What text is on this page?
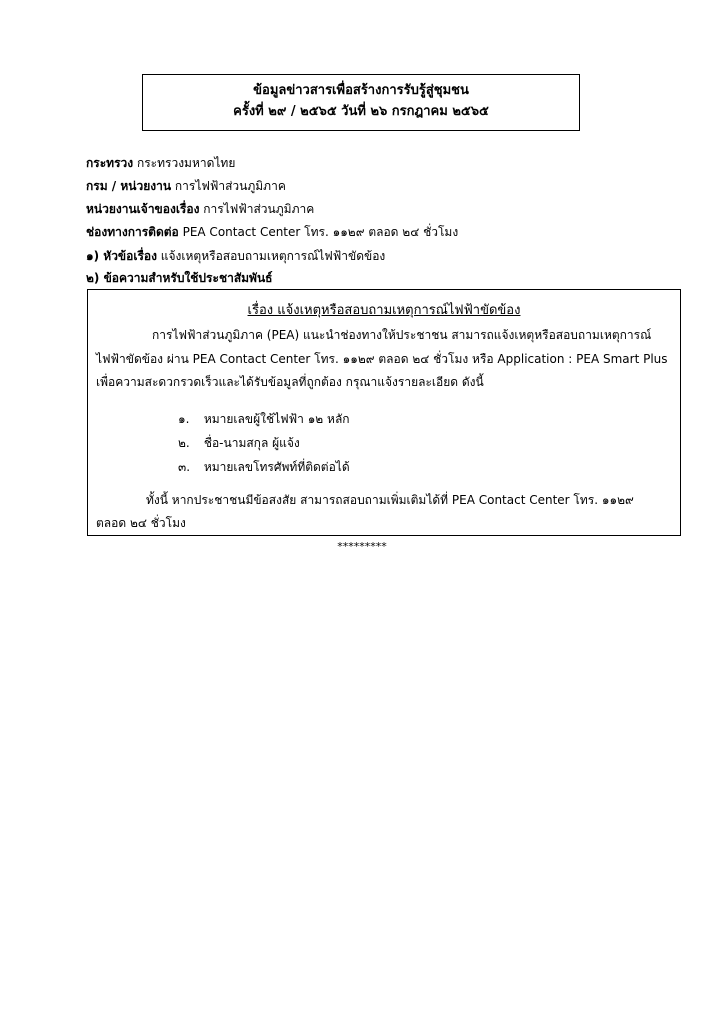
ข้อมูลข่าวสารเพื่อสร้างการรับรู้สู่ชุมชน
ครั้งที่ ๒๙ / ๒๕๖๕ วันที่ ๒๖ กรกฎาคม ๒๕๖๕
กระทรวง กระทรวงมหาดไทย
กรม / หน่วยงาน การไฟฟ้าส่วนภูมิภาค
หน่วยงานเจ้าของเรื่อง การไฟฟ้าส่วนภูมิภาค
ช่องทางการติดต่อ PEA Contact Center โทร. ๑๑๒๙ ตลอด ๒๔ ชั่วโมง
๑) หัวข้อเรื่อง แจ้งเหตุหรือสอบถามเหตุการณ์ไฟฟ้าขัดข้อง
๒) ข้อความสำหรับใช้ประชาสัมพันธ์
เรื่อง แจ้งเหตุหรือสอบถามเหตุการณ์ไฟฟ้าขัดข้อง
การไฟฟ้าส่วนภูมิภาค (PEA) แนะนำช่องทางให้ประชาชน สามารถแจ้งเหตุหรือสอบถามเหตุการณ์
ไฟฟ้าขัดข้อง ผ่าน PEA Contact Center โทร. ๑๑๒๙ ตลอด ๒๔ ชั่วโมง หรือ Application : PEA Smart Plus
เพื่อความสะดวกรวดเร็วและได้รับข้อมูลที่ถูกต้อง กรุณาแจ้งรายละเอียด ดังนี้
๑. หมายเลขผู้ใช้ไฟฟ้า ๑๒ หลัก
๒. ชื่อ-นามสกุล ผู้แจ้ง
๓. หมายเลขโทรศัพท์ที่ติดต่อได้
ทั้งนี้ หากประชาชนมีข้อสงสัย สามารถสอบถามเพิ่มเติมได้ที่ PEA Contact Center โทร. ๑๑๒๙
ตลอด ๒๔ ชั่วโมง
*********
